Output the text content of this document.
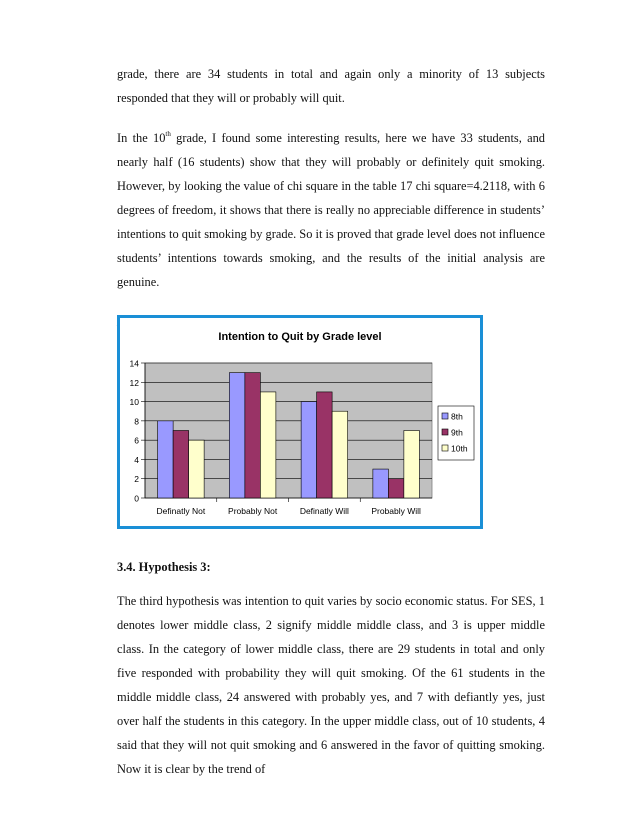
grade, there are 34 students in total and again only a minority of 13 subjects responded that they will or probably will quit.

In the 10th grade, I found some interesting results, here we have 33 students, and nearly half (16 students) show that they will probably or definitely quit smoking. However, by looking the value of chi square in the table 17 chi square=4.2118, with 6 degrees of freedom, it shows that there is really no appreciable difference in students’ intentions to quit smoking by grade. So it is proved that grade level does not influence students’ intentions towards smoking, and the results of the initial analysis are genuine.

Intention to Quit by Grade level
0
2
4
6
8
10
12
14
Definatly Not	Probably Not	Definatly Will	Probably Will
8th
9th
10th

3.4. Hypothesis 3:

The third hypothesis was intention to quit varies by socio economic status. For SES, 1 denotes lower middle class, 2 signify middle middle class, and 3 is upper middle class. In the category of lower middle class, there are 29 students in total and only five responded with probability they will quit smoking. Of the 61 students in the middle middle class, 24 answered with probably yes, and 7 with defiantly yes, just over half the students in this category. In the upper middle class, out of 10 students, 4 said that they will not quit smoking and 6 answered in the favor of quitting smoking. Now it is clear by the trend of
